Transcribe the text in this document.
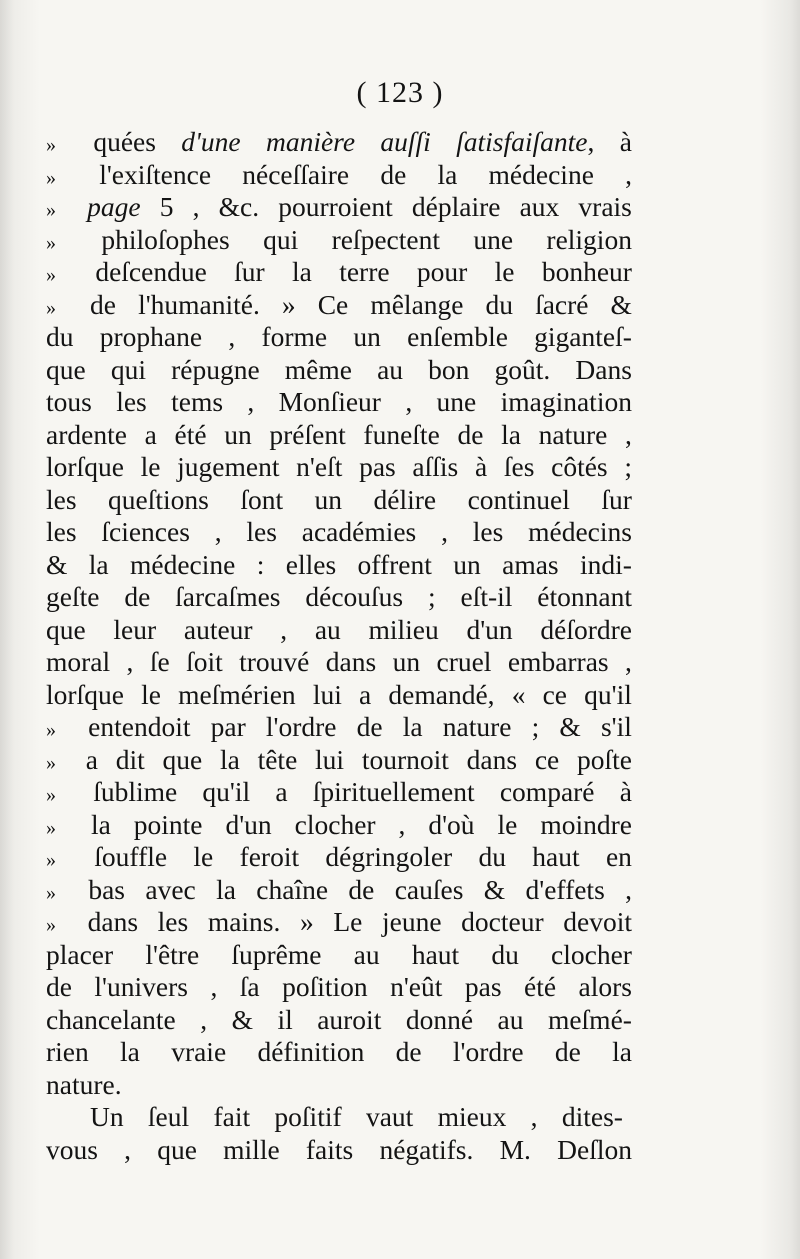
( 123 )
»	quées d'une manière auſſi ſatisfaiſante, à
»	l'exiſtence néceſſaire de la médecine ,
»	page 5 , &c. pourroient déplaire aux vrais
»	philoſophes qui reſpectent une religion
»	deſcendue ſur la terre pour le bonheur
»	de l'humanité. » Ce mêlange du ſacré &
du prophane , forme un enſemble giganteſ-
que qui répugne même au bon goût. Dans
tous les tems , Monſieur , une imagination
ardente a été un préſent funeſte de la nature ,
lorſque le jugement n'eſt pas aſſis à ſes côtés ;
les queſtions ſont un délire continuel ſur
les ſciences , les académies , les médecins
& la médecine : elles offrent un amas indi-
geſte de ſarcaſmes découſus ; eſt-il étonnant
que leur auteur , au milieu d'un déſordre
moral , ſe ſoit trouvé dans un cruel embarras ,
lorſque le meſmérien lui a demandé, « ce qu'il
»	entendoit par l'ordre de la nature ; & s'il
»	a dit que la tête lui tournoit dans ce poſte
»	ſublime qu'il a ſpirituellement comparé à
»	la pointe d'un clocher , d'où le moindre
»	ſouffle le feroit dégringoler du haut en
»	bas avec la chaîne de cauſes & d'effets ,
»	dans les mains. » Le jeune docteur devoit
placer l'être ſuprême au haut du clocher
de l'univers , ſa poſition n'eût pas été alors
chancelante , & il auroit donné au meſmé-
rien la vraie définition de l'ordre de la
nature.
Un ſeul fait poſitif vaut mieux , dites-
vous , que mille faits négatifs. M. Deſlon
